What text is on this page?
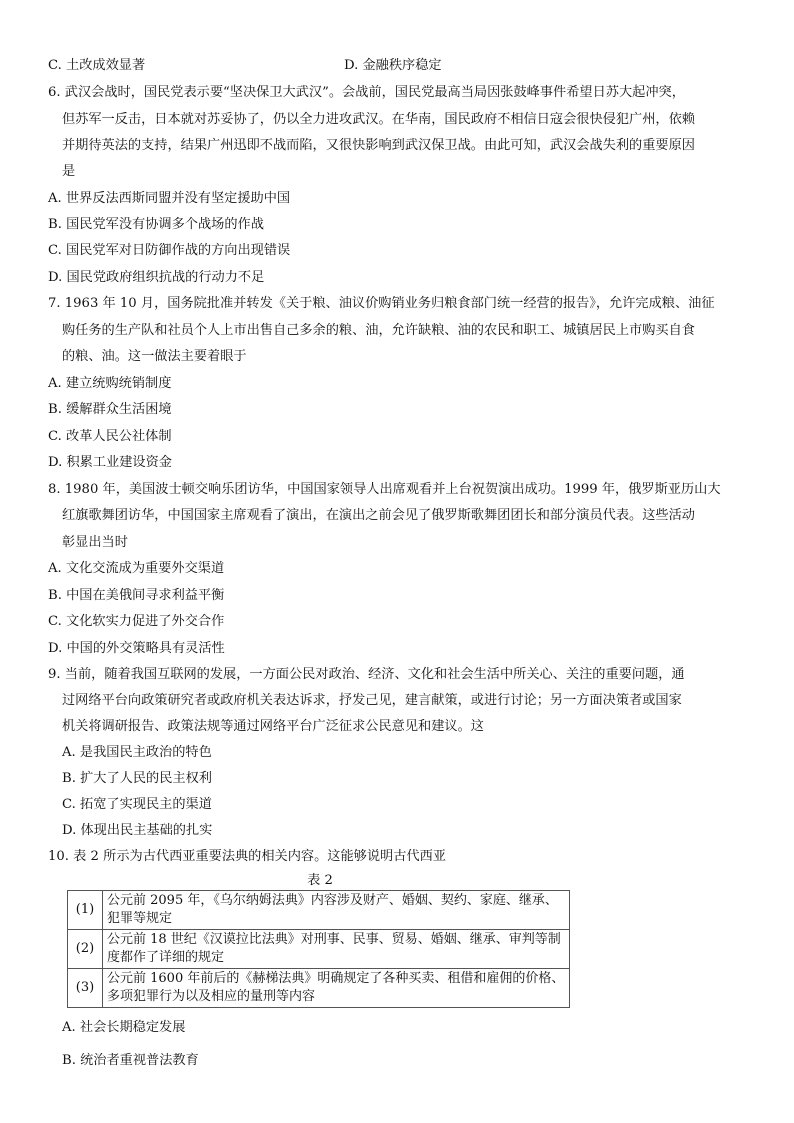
C. 土改成效显著	D. 金融秩序稳定
6. 武汉会战时，国民党表示要“坚决保卫大武汉”。会战前，国民党最高当局因张鼓峰事件希望日苏大起冲突，
但苏军一反击，日本就对苏妥协了，仍以全力进攻武汉。在华南，国民政府不相信日寇会很快侵犯广州，依赖
并期待英法的支持，结果广州迅即不战而陷，又很快影响到武汉保卫战。由此可知，武汉会战失利的重要原因
是
A. 世界反法西斯同盟并没有坚定援助中国
B. 国民党军没有协调多个战场的作战
C. 国民党军对日防御作战的方向出现错误
D. 国民党政府组织抗战的行动力不足
7. 1963 年 10 月，国务院批准并转发《关于粮、油议价购销业务归粮食部门统一经营的报告》，允许完成粮、油征
购任务的生产队和社员个人上市出售自己多余的粮、油，允许缺粮、油的农民和职工、城镇居民上市购买自食
的粮、油。这一做法主要着眼于
A. 建立统购统销制度
B. 缓解群众生活困境
C. 改革人民公社体制
D. 积累工业建设资金
8. 1980 年，美国波士顿交响乐团访华，中国国家领导人出席观看并上台祝贺演出成功。1999 年，俄罗斯亚历山大
红旗歌舞团访华，中国国家主席观看了演出，在演出之前会见了俄罗斯歌舞团团长和部分演员代表。这些活动
彰显出当时
A. 文化交流成为重要外交渠道
B. 中国在美俄间寻求利益平衡
C. 文化软实力促进了外交合作
D. 中国的外交策略具有灵活性
9. 当前，随着我国互联网的发展，一方面公民对政治、经济、文化和社会生活中所关心、关注的重要问题，通
过网络平台向政策研究者或政府机关表达诉求，抒发己见，建言献策，或进行讨论；另一方面决策者或国家
机关将调研报告、政策法规等通过网络平台广泛征求公民意见和建议。这
A. 是我国民主政治的特色
B. 扩大了人民的民主权利
C. 拓宽了实现民主的渠道
D. 体现出民主基础的扎实
10. 表 2 所示为古代西亚重要法典的相关内容。这能够说明古代西亚
表 2
(1)	公元前 2095 年，《乌尔纳姆法典》内容涉及财产、婚姻、契约、家庭、继承、犯罪等规定
(2)	公元前 18 世纪《汉谟拉比法典》对刑事、民事、贸易、婚姻、继承、审判等制度都作了详细的规定
(3)	公元前 1600 年前后的《赫梯法典》明确规定了各种买卖、租借和雇佣的价格、多项犯罪行为以及相应的量刑等内容
A. 社会长期稳定发展
B. 统治者重视普法教育
